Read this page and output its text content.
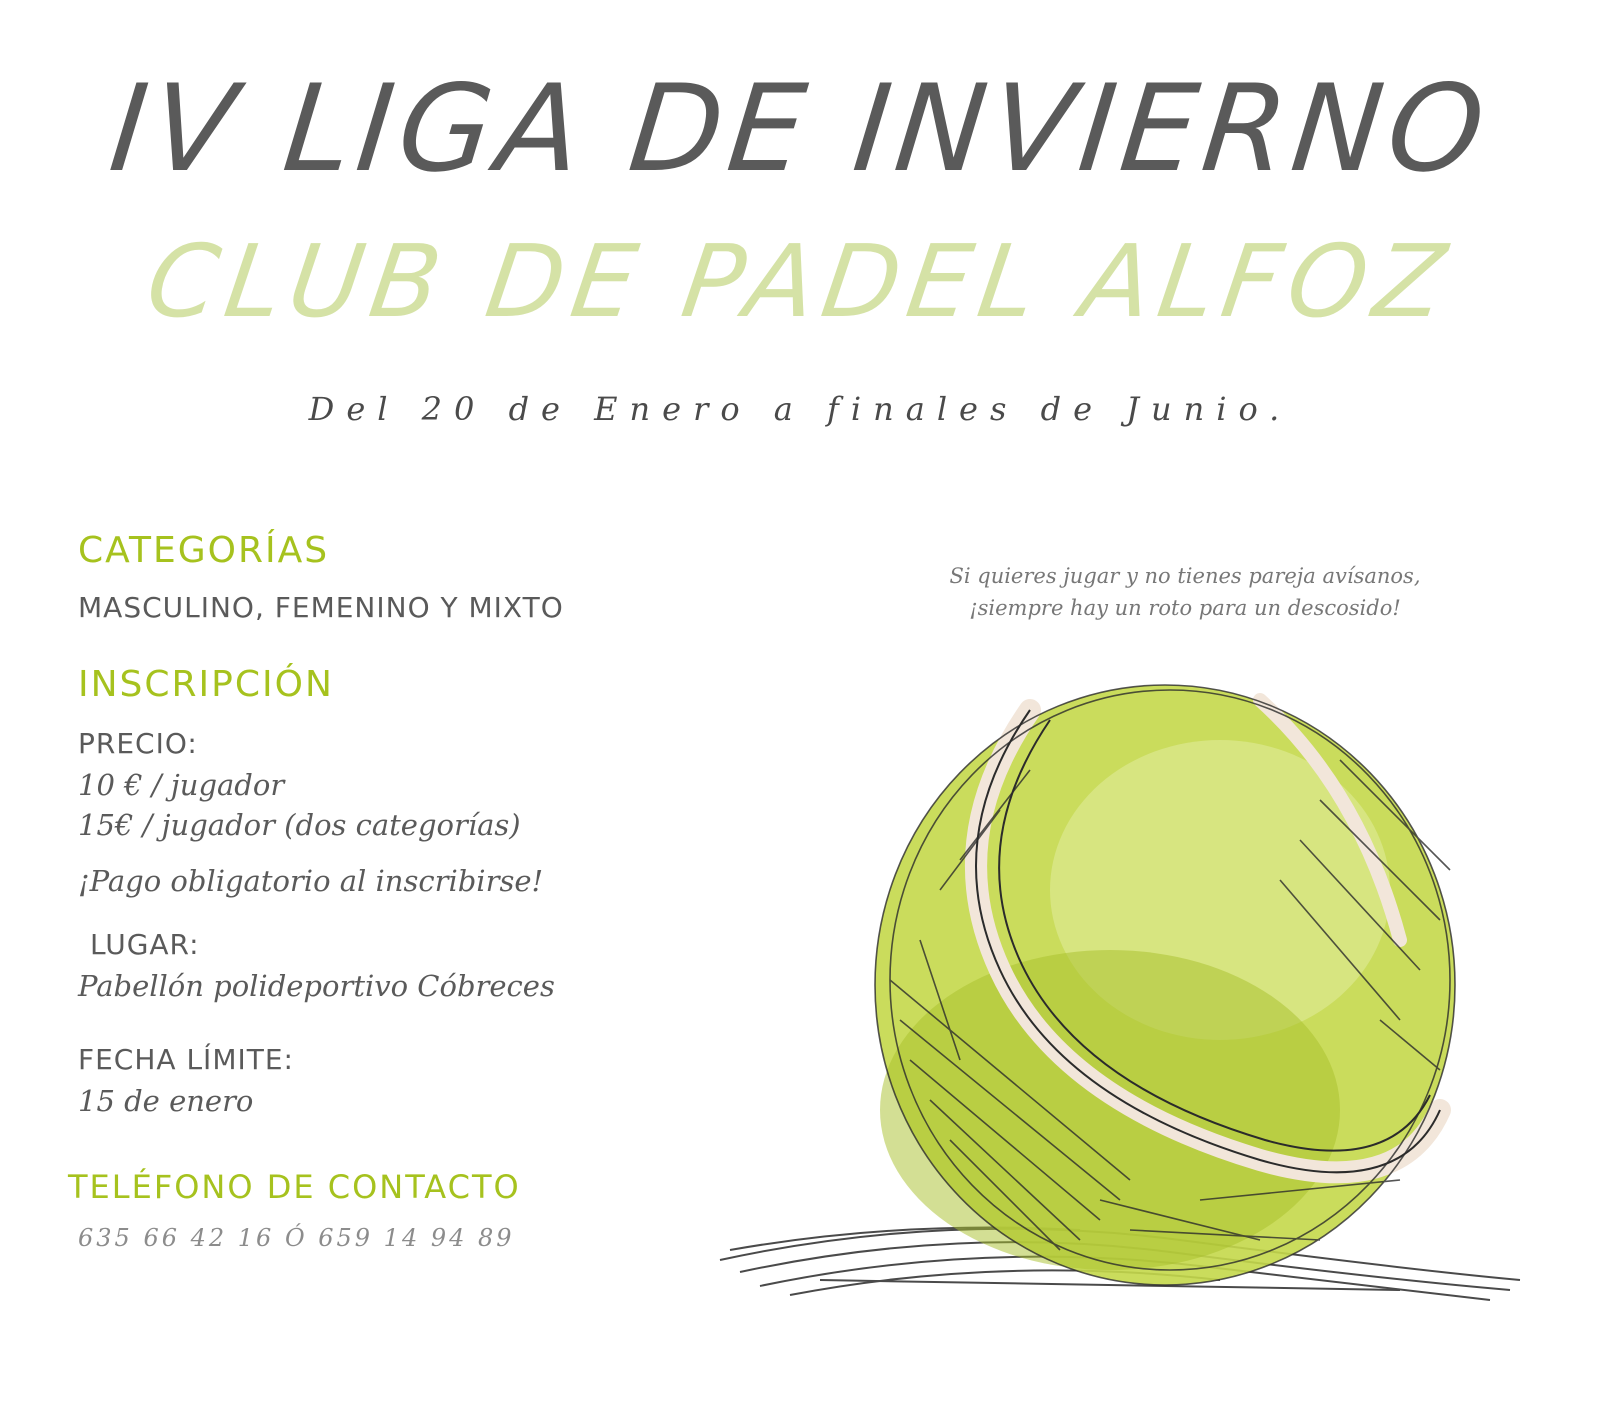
IV LIGA DE INVIERNO
CLUB DE PADEL ALFOZ
Del 20 de Enero a finales de Junio.
CATEGORÍAS
MASCULINO, FEMENINO Y MIXTO
INSCRIPCIÓN
PRECIO:
10 € / jugador
15€ / jugador (dos categorías)
¡Pago obligatorio al inscribirse!
LUGAR:
Pabellón polideportivo Cóbreces
FECHA LÍMITE:
15 de enero
TELÉFONO DE CONTACTO
635 66 42 16 Ó 659 14 94 89
Si quieres jugar y no tienes pareja avísanos,
¡siempre hay un roto para un descosido!
